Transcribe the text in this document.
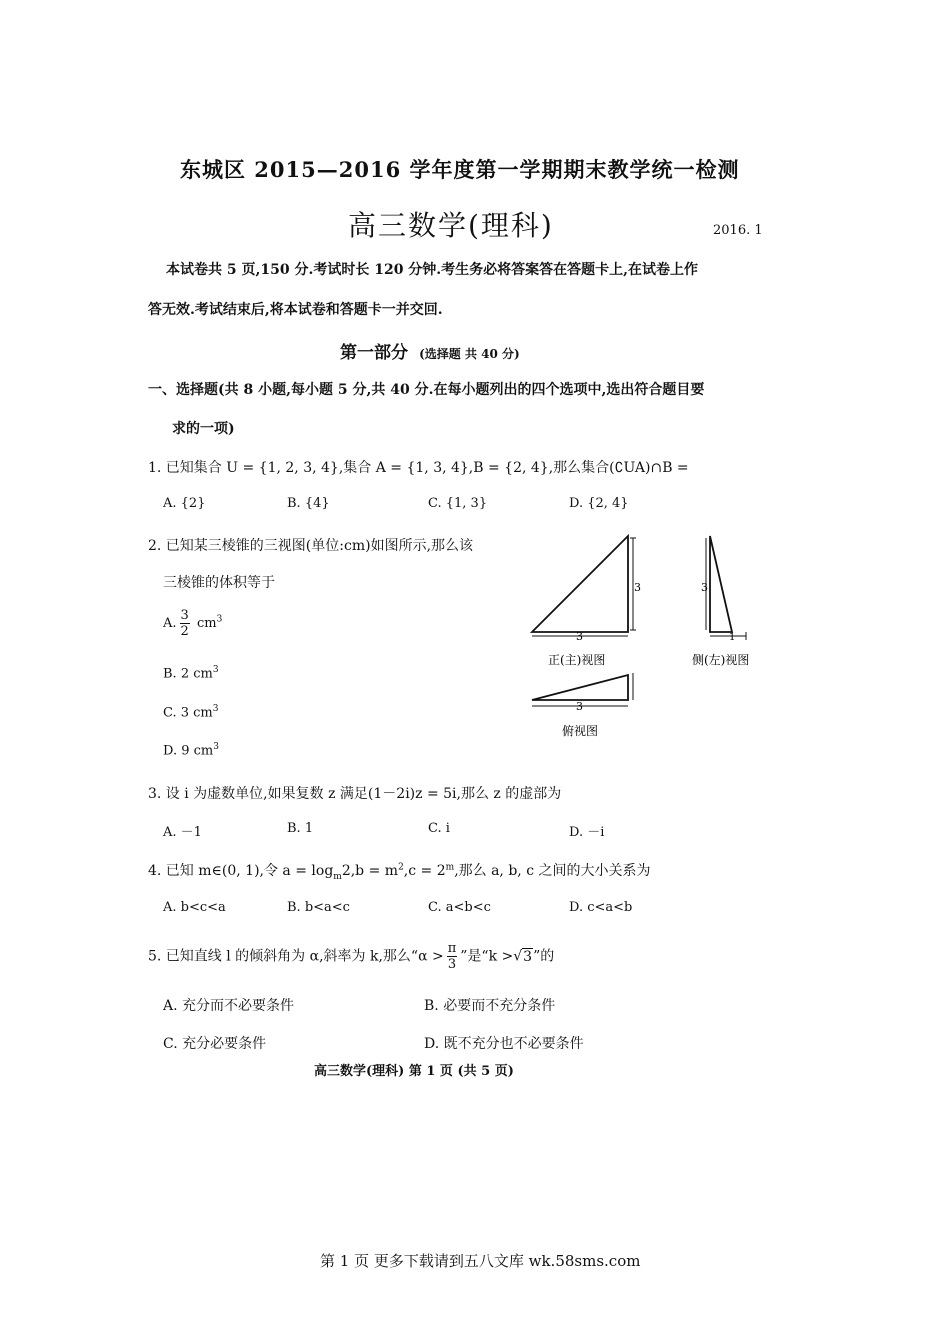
东城区 2015—2016 学年度第一学期期末教学统一检测
高三数学(理科)	2016. 1
本试卷共 5 页,150 分.考试时长 120 分钟.考生务必将答案答在答题卡上,在试卷上作
答无效.考试结束后,将本试卷和答题卡一并交回.
第一部分 (选择题 共 40 分)
一、选择题(共 8 小题,每小题 5 分,共 40 分.在每小题列出的四个选项中,选出符合题目要
求的一项)
1. 已知集合 U = {1, 2, 3, 4},集合 A = {1, 3, 4},B = {2, 4},那么集合(∁UA)∩B =
A. {2}	B. {4}	C. {1, 3}	D. {2, 4}
2. 已知某三棱锥的三视图(单位:cm)如图所示,那么该
三棱锥的体积等于
A. $\frac{3}{2} cm^3$
B. 2 $cm^3$
C. 3 $cm^3$
D. 9 $cm^3$
3
3
正(主)视图
3
1
侧(左)视图
3
俯视图
3. 设 i 为虚数单位,如果复数 z 满足(1－2i)z = 5i,那么 z 的虚部为
A. －1	B. 1	C. i	D. －i
4. 已知 m∈(0, 1),令 $a = \log_m2,b = m^2,c = 2^m$,那么 a, b, c 之间的大小关系为
A. b<c<a	B. b<a<c	C. a<b<c	D. c<a<b
5. 已知直线 l 的倾斜角为 α,斜率为 k,那么“$\alpha > \frac{\pi}{3}$ ”是“k >√3”的
A. 充分而不必要条件	B. 必要而不充分条件
C. 充分必要条件	D. 既不充分也不必要条件
高三数学(理科) 第 1 页 (共 5 页)
第 1 页 更多下载请到五八文库 wk.58sms.com
